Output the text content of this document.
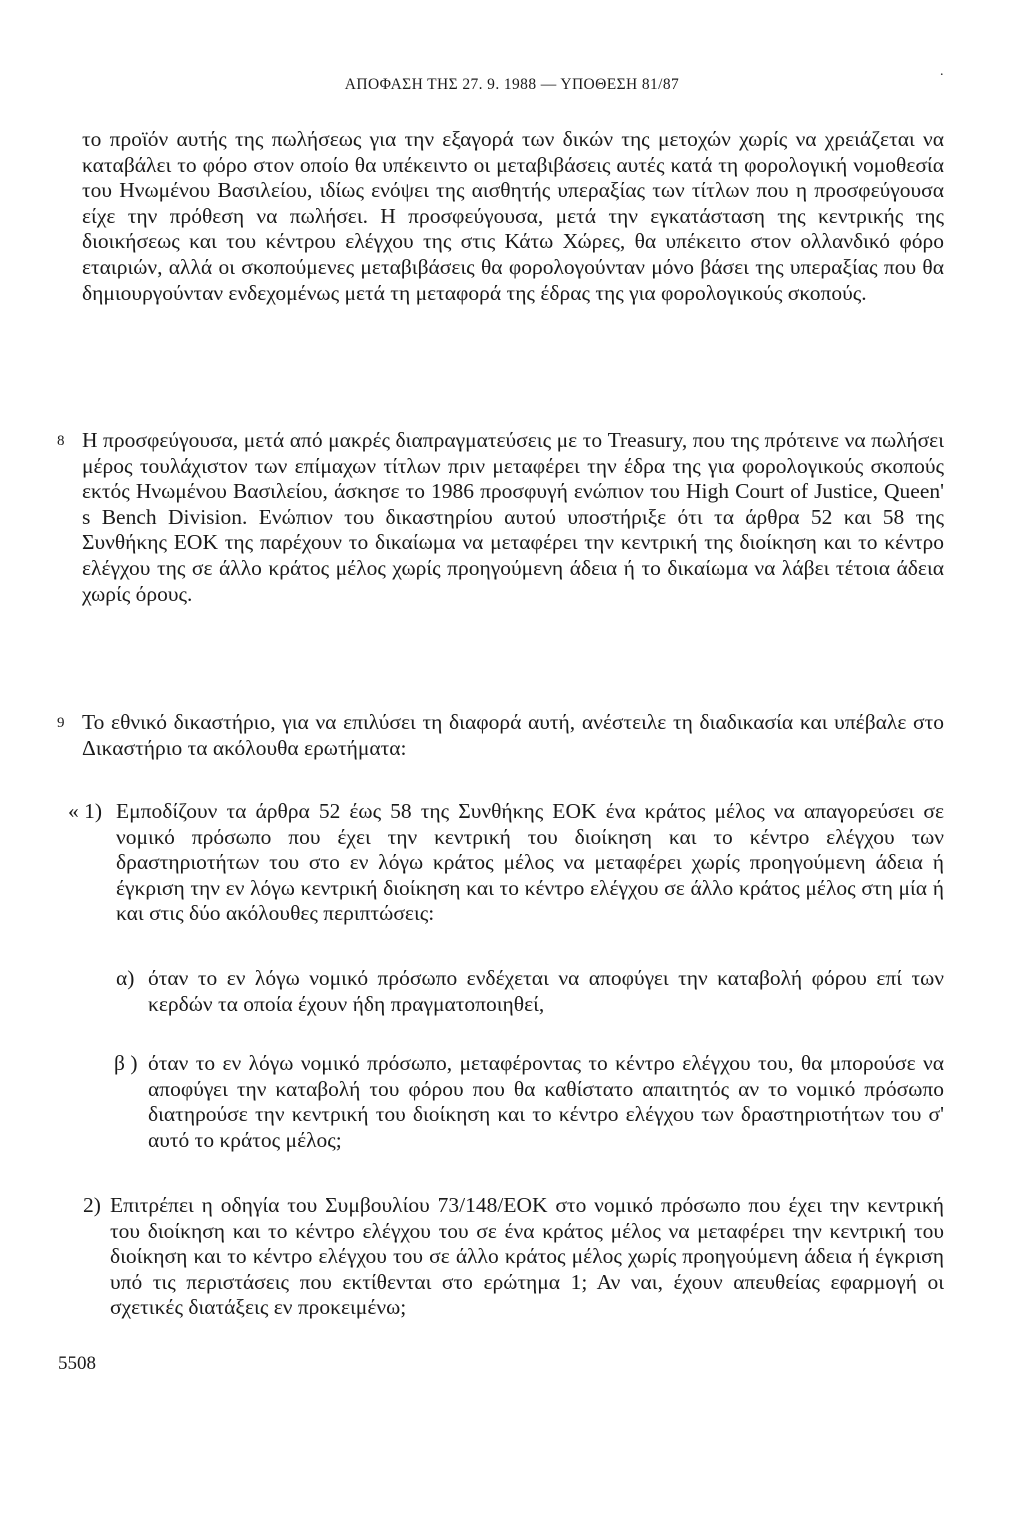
ΑΠΟΦΑΣΗ ΤΗΣ 27. 9. 1988 — ΥΠΟΘΕΣΗ 81/87
.
το προϊόν αυτής της πωλήσεως για την εξαγορά των δικών της μετοχών χωρίς να χρειάζεται να καταβάλει το φόρο στον οποίο θα υπέκειντο οι μεταβιβάσεις αυτές κατά τη φορολογική νομοθεσία του Ηνωμένου Βασιλείου, ιδίως ενόψει της αισθητής υπεραξίας των τίτλων που η προσφεύγουσα είχε την πρόθεση να πωλήσει. Η προσφεύγουσα, μετά την εγκατάσταση της κεντρικής της διοικήσεως και του κέντρου ελέγχου της στις Κάτω Χώρες, θα υπέκειτο στον ολλανδικό φόρο εταιριών, αλλά οι σκοπούμενες μεταβιβάσεις θα φορολογούνταν μόνο βάσει της υπεραξίας που θα δημιουργούνταν ενδεχομένως μετά τη μεταφορά της έδρας της για φορολογικούς σκοπούς.
8 Η προσφεύγουσα, μετά από μακρές διαπραγματεύσεις με το Treasury, που της πρότεινε να πωλήσει μέρος τουλάχιστον των επίμαχων τίτλων πριν μεταφέρει την έδρα της για φορολογικούς σκοπούς εκτός Ηνωμένου Βασιλείου, άσκησε το 1986 προσφυγή ενώπιον του High Court of Justice, Queen' s Bench Division. Ενώπιον του δικαστηρίου αυτού υποστήριξε ότι τα άρθρα 52 και 58 της Συνθήκης ΕΟΚ της παρέχουν το δικαίωμα να μεταφέρει την κεντρική της διοίκηση και το κέντρο ελέγχου της σε άλλο κράτος μέλος χωρίς προηγούμενη άδεια ή το δικαίωμα να λάβει τέτοια άδεια χωρίς όρους.
9 Το εθνικό δικαστήριο, για να επιλύσει τη διαφορά αυτή, ανέστειλε τη διαδικασία και υπέβαλε στο Δικαστήριο τα ακόλουθα ερωτήματα:
« 1) Εμποδίζουν τα άρθρα 52 έως 58 της Συνθήκης ΕΟΚ ένα κράτος μέλος να απαγορεύσει σε νομικό πρόσωπο που έχει την κεντρική του διοίκηση και το κέντρο ελέγχου των δραστηριοτήτων του στο εν λόγω κράτος μέλος να μεταφέρει χωρίς προηγούμενη άδεια ή έγκριση την εν λόγω κεντρική διοίκηση και το κέντρο ελέγχου σε άλλο κράτος μέλος στη μία ή και στις δύο ακόλουθες περιπτώσεις:
α) όταν το εν λόγω νομικό πρόσωπο ενδέχεται να αποφύγει την καταβολή φόρου επί των κερδών τα οποία έχουν ήδη πραγματοποιηθεί,
β ) όταν το εν λόγω νομικό πρόσωπο, μεταφέροντας το κέντρο ελέγχου του, θα μπορούσε να αποφύγει την καταβολή του φόρου που θα καθίστατο απαιτητός αν το νομικό πρόσωπο διατηρούσε την κεντρική του διοίκηση και το κέντρο ελέγχου των δραστηριοτήτων του σ' αυτό το κράτος μέλος;
2) Επιτρέπει η οδηγία του Συμβουλίου 73/148/ΕΟΚ στο νομικό πρόσωπο που έχει την κεντρική του διοίκηση και το κέντρο ελέγχου του σε ένα κράτος μέλος να μεταφέρει την κεντρική του διοίκηση και το κέντρο ελέγχου του σε άλλο κράτος μέλος χωρίς προηγούμενη άδεια ή έγκριση υπό τις περιστάσεις που εκτίθενται στο ερώτημα 1; Αν ναι, έχουν απευθείας εφαρμογή οι σχετικές διατάξεις εν προκειμένω;
5508
